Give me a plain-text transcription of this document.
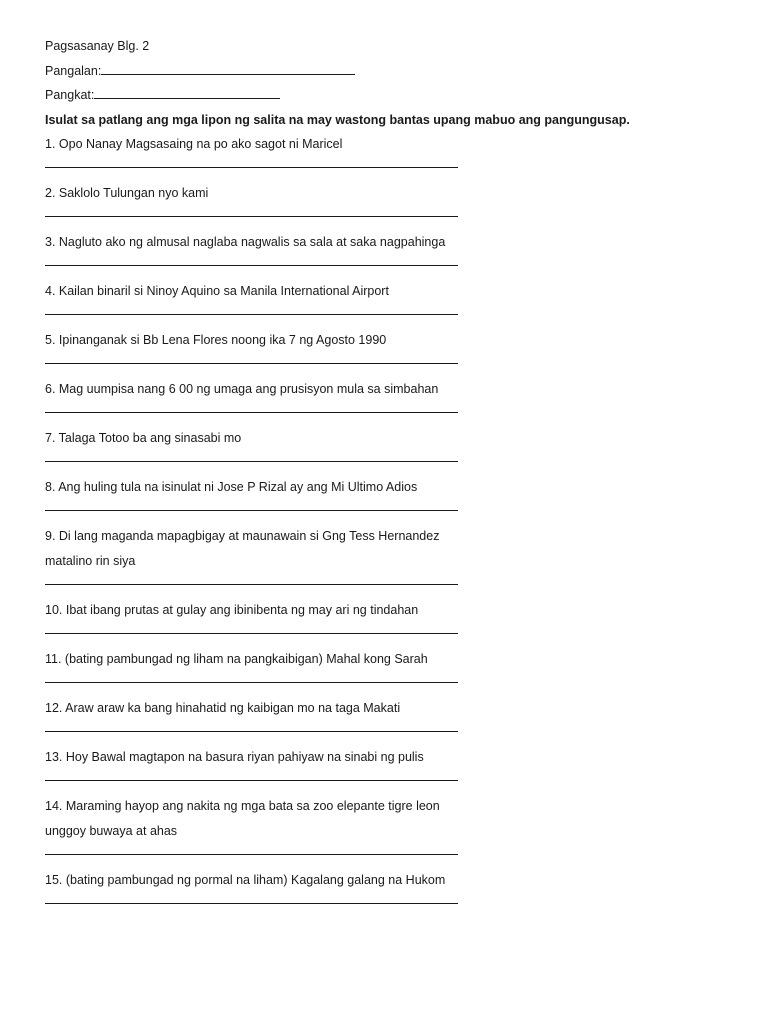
Pagsasanay Blg. 2
Pangalan:
Pangkat:
Isulat sa patlang ang mga lipon ng salita na may wastong bantas upang mabuo ang pangungusap.
1. Opo Nanay Magsasaing na po ako sagot ni Maricel
2. Saklolo Tulungan nyo kami
3. Nagluto ako ng almusal naglaba nagwalis sa sala at saka nagpahinga
4. Kailan binaril si Ninoy Aquino sa Manila International Airport
5. Ipinanganak si Bb Lena Flores noong ika 7 ng Agosto 1990
6. Mag uumpisa nang 6 00 ng umaga ang prusisyon mula sa simbahan
7. Talaga Totoo ba ang sinasabi mo
8. Ang huling tula na isinulat ni Jose P Rizal ay ang Mi Ultimo Adios
9. Di lang maganda mapagbigay at maunawain si Gng Tess Hernandez
matalino rin siya
10. Ibat ibang prutas at gulay ang ibinibenta ng may ari ng tindahan
11. (bating pambungad ng liham na pangkaibigan) Mahal kong Sarah
12. Araw araw ka bang hinahatid ng kaibigan mo na taga Makati
13. Hoy Bawal magtapon na basura riyan pahiyaw na sinabi ng pulis
14. Maraming hayop ang nakita ng mga bata sa zoo elepante tigre leon
unggoy buwaya at ahas
15. (bating pambungad ng pormal na liham) Kagalang galang na Hukom
